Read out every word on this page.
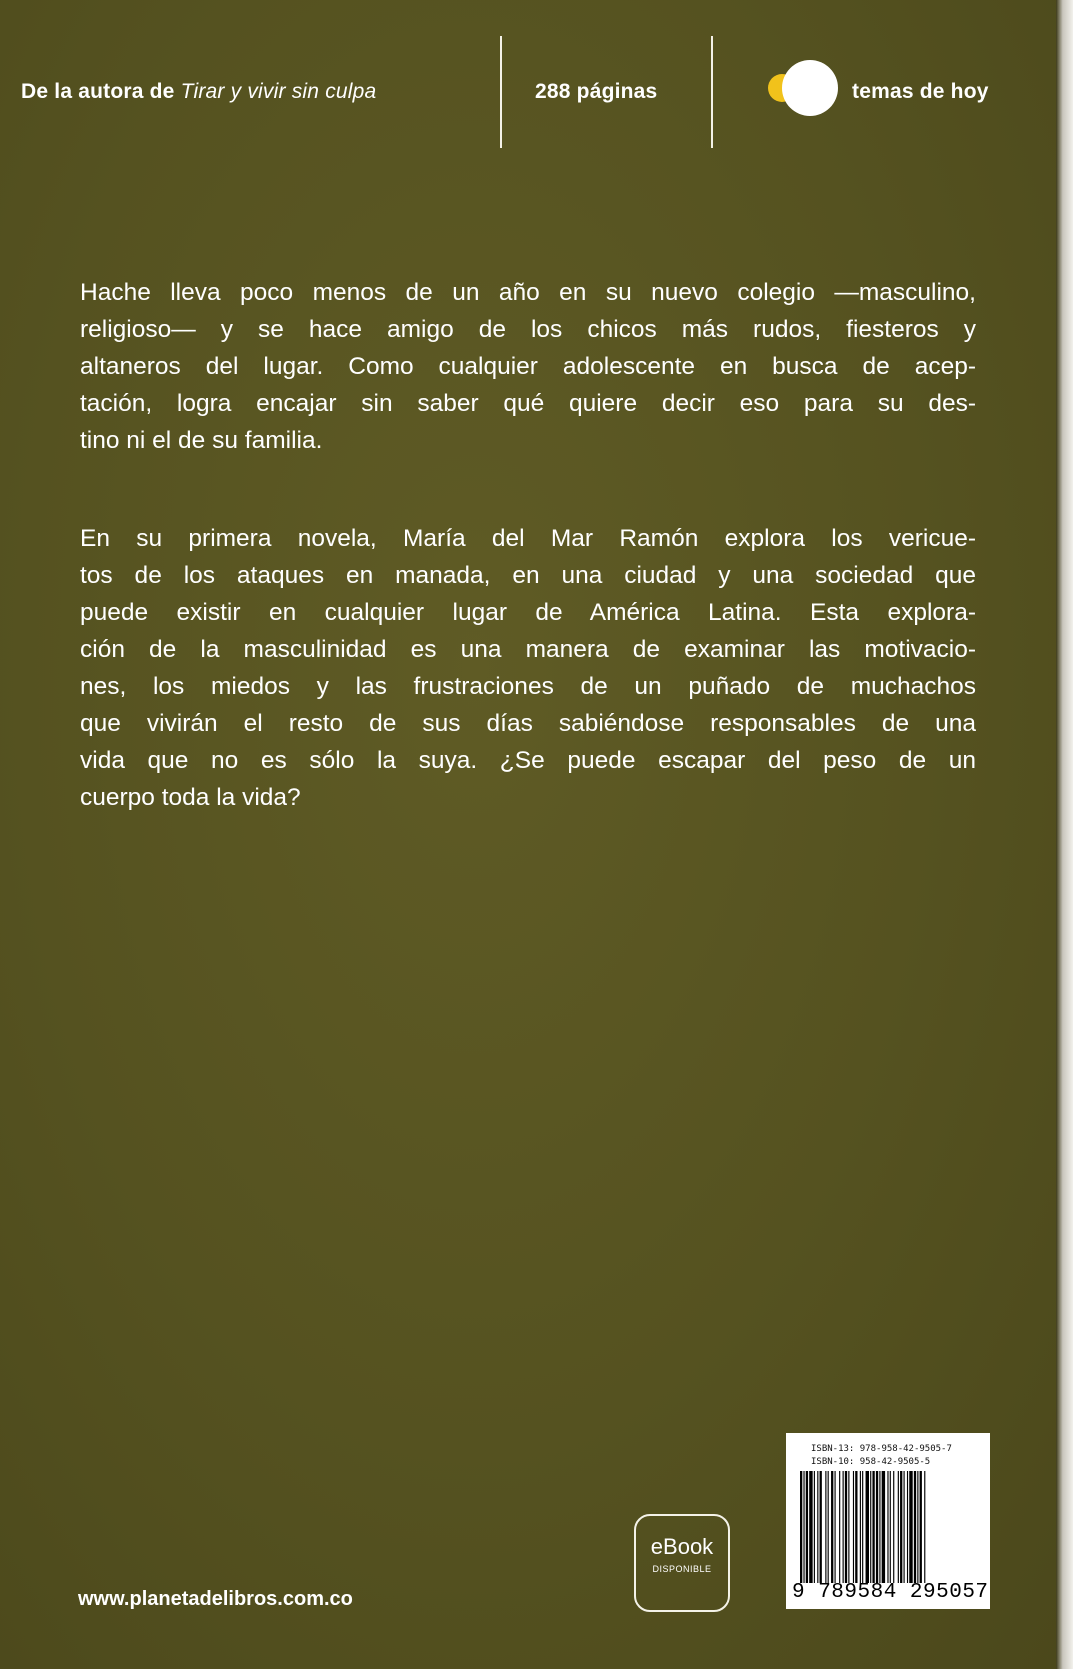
De la autora de Tirar y vivir sin culpa	288 páginas	temas de hoy
Hache lleva poco menos de un año en su nuevo colegio —masculino,
religioso— y se hace amigo de los chicos más rudos, fiesteros y
altaneros del lugar. Como cualquier adolescente en busca de acep-
tación, logra encajar sin saber qué quiere decir eso para su des-
tino ni el de su familia.
En su primera novela, María del Mar Ramón explora los vericue-
tos de los ataques en manada, en una ciudad y una sociedad que
puede existir en cualquier lugar de América Latina. Esta explora-
ción de la masculinidad es una manera de examinar las motivacio-
nes, los miedos y las frustraciones de un puñado de muchachos
que vivirán el resto de sus días sabiéndose responsables de una
vida que no es sólo la suya. ¿Se puede escapar del peso de un
cuerpo toda la vida?
www.planetadelibros.com.co
eBook
DISPONIBLE
ISBN-13: 978-958-42-9505-7
ISBN-10: 958-42-9505-5
9 789584 295057
